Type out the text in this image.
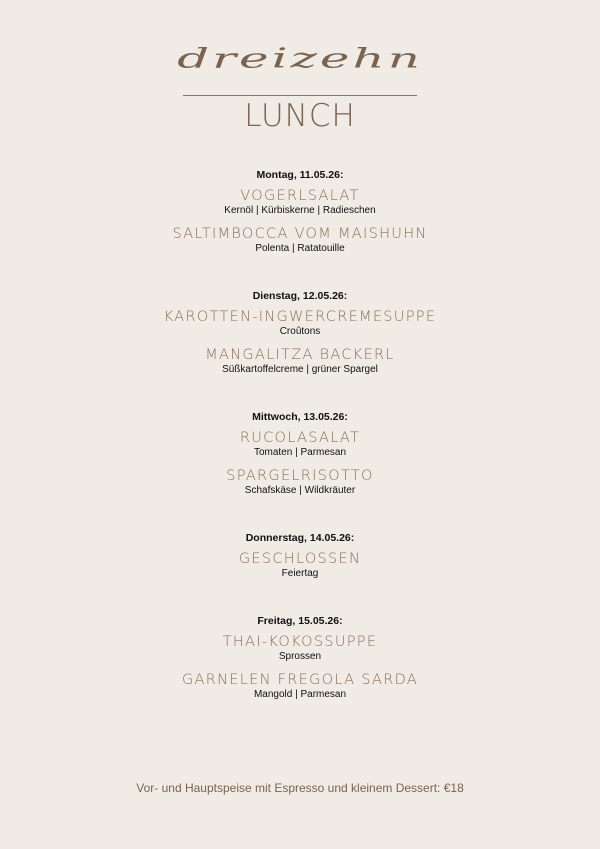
dreizehn
LUNCH
Montag, 11.05.26:
VOGERLSALAT
Kernöl | Kürbiskerne | Radieschen
SALTIMBOCCA VOM MAISHUHN
Polenta | Ratatouille
Dienstag, 12.05.26:
KAROTTEN-INGWERCREMESUPPE
Croûtons
MANGALITZA BACKERL
Süßkartoffelcreme | grüner Spargel
Mittwoch, 13.05.26:
RUCOLASALAT
Tomaten | Parmesan
SPARGELRISOTTO
Schafskäse | Wildkräuter
Donnerstag, 14.05.26:
GESCHLOSSEN
Feiertag
Freitag, 15.05.26:
THAI-KOKOSSUPPE
Sprossen
GARNELEN FREGOLA SARDA
Mangold | Parmesan
Vor- und Hauptspeise mit Espresso und kleinem Dessert: €18
